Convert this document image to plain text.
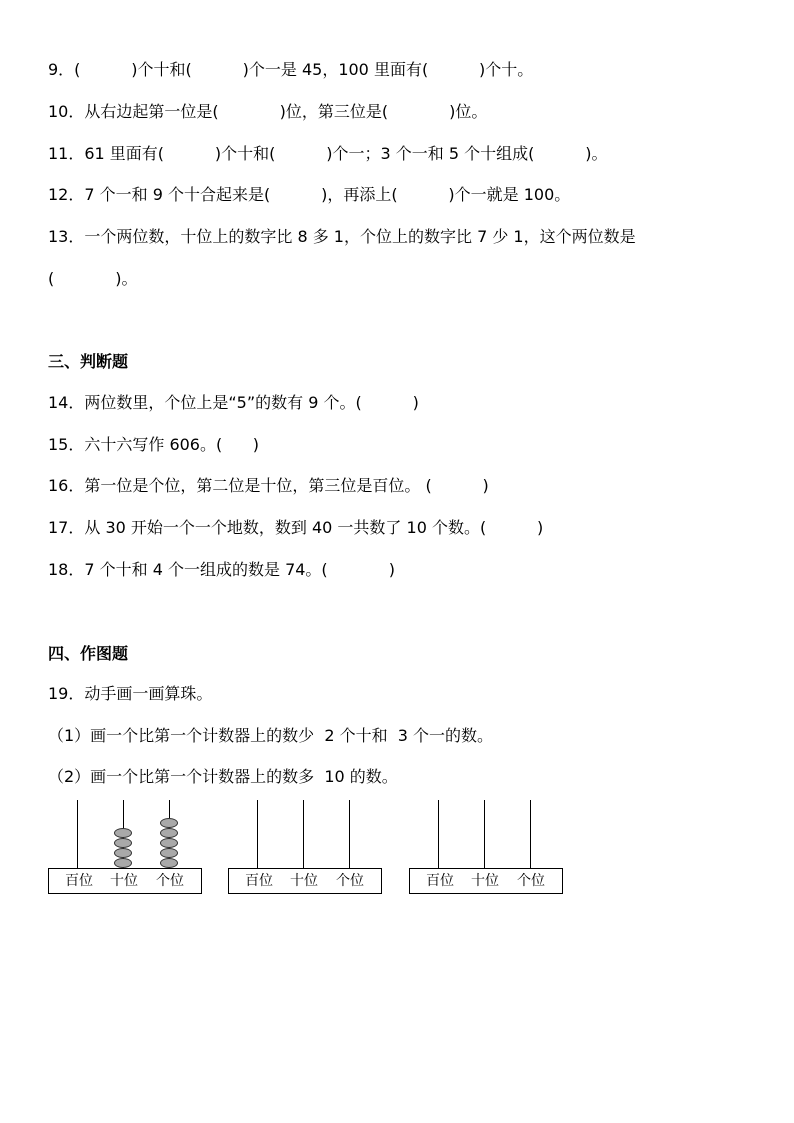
9．(          )个十和(          )个一是 45，100 里面有(          )个十。
10．从右边起第一位是(            )位，第三位是(            )位。
11．61 里面有(          )个十和(          )个一；3 个一和 5 个十组成(          )。
12．7 个一和 9 个十合起来是(          )，再添上(          )个一就是 100。
13．一个两位数，十位上的数字比 8 多 1，个位上的数字比 7 少 1，这个两位数是
(            )。
三、判断题
14．两位数里，个位上是“5”的数有 9 个。(          )
15．六十六写作 606。(      )
16．第一位是个位，第二位是十位，第三位是百位。 (          )
17．从 30 开始一个一个地数，数到 40 一共数了 10 个数。(          )
18．7 个十和 4 个一组成的数是 74。(            )
四、作图题
19．动手画一画算珠。
（1）画一个比第一个计数器上的数少  2 个十和  3 个一的数。
（2）画一个比第一个计数器上的数多  10 的数。
百位 十位 个位	百位 十位 个位	百位 十位 个位
